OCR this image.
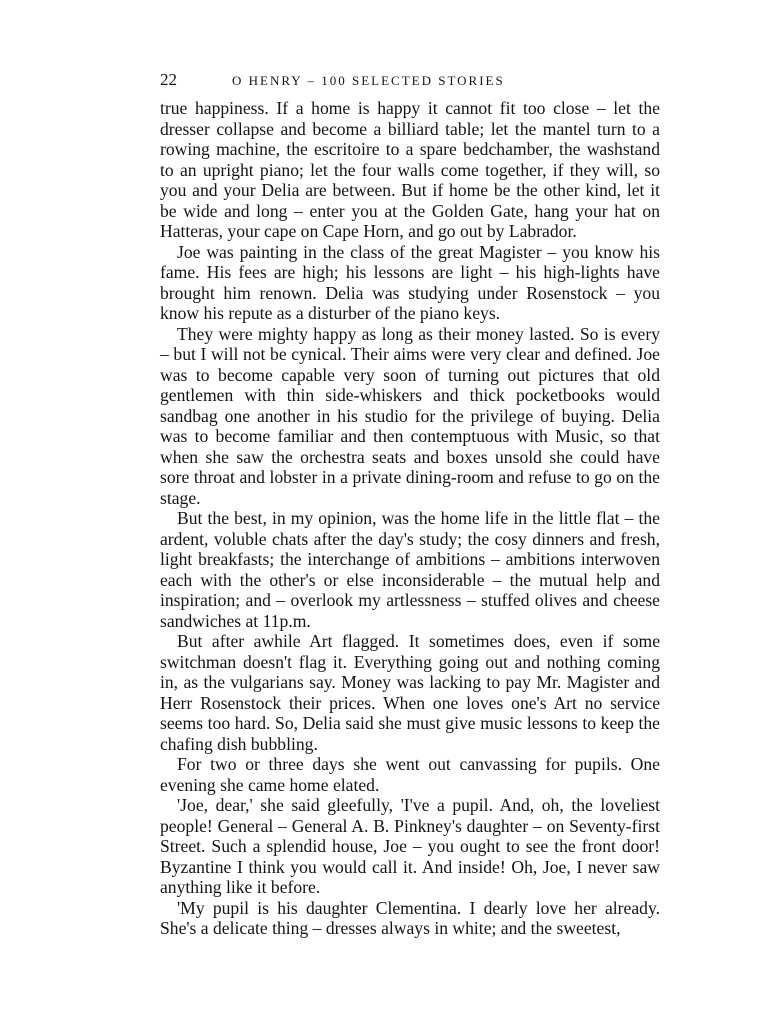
22	O HENRY – 100 SELECTED STORIES

true happiness. If a home is happy it cannot fit too close – let the dresser collapse and become a billiard table; let the mantel turn to a rowing machine, the escritoire to a spare bedchamber, the washstand to an upright piano; let the four walls come together, if they will, so you and your Delia are between. But if home be the other kind, let it be wide and long – enter you at the Golden Gate, hang your hat on Hatteras, your cape on Cape Horn, and go out by Labrador.

Joe was painting in the class of the great Magister – you know his fame. His fees are high; his lessons are light – his high-lights have brought him renown. Delia was studying under Rosenstock – you know his repute as a disturber of the piano keys.

They were mighty happy as long as their money lasted. So is every – but I will not be cynical. Their aims were very clear and defined. Joe was to become capable very soon of turning out pictures that old gentlemen with thin side-whiskers and thick pocketbooks would sandbag one another in his studio for the privilege of buying. Delia was to become familiar and then contemptuous with Music, so that when she saw the orchestra seats and boxes unsold she could have sore throat and lobster in a private dining-room and refuse to go on the stage.

But the best, in my opinion, was the home life in the little flat – the ardent, voluble chats after the day's study; the cosy dinners and fresh, light breakfasts; the interchange of ambitions – ambitions interwoven each with the other's or else inconsiderable – the mutual help and inspiration; and – overlook my artlessness – stuffed olives and cheese sandwiches at 11p.m.

But after awhile Art flagged. It sometimes does, even if some switchman doesn't flag it. Everything going out and nothing coming in, as the vulgarians say. Money was lacking to pay Mr. Magister and Herr Rosenstock their prices. When one loves one's Art no service seems too hard. So, Delia said she must give music lessons to keep the chafing dish bubbling.

For two or three days she went out canvassing for pupils. One evening she came home elated.

'Joe, dear,' she said gleefully, 'I've a pupil. And, oh, the loveliest people! General – General A. B. Pinkney's daughter – on Seventy-first Street. Such a splendid house, Joe – you ought to see the front door! Byzantine I think you would call it. And inside! Oh, Joe, I never saw anything like it before.

'My pupil is his daughter Clementina. I dearly love her already. She's a delicate thing – dresses always in white; and the sweetest,
